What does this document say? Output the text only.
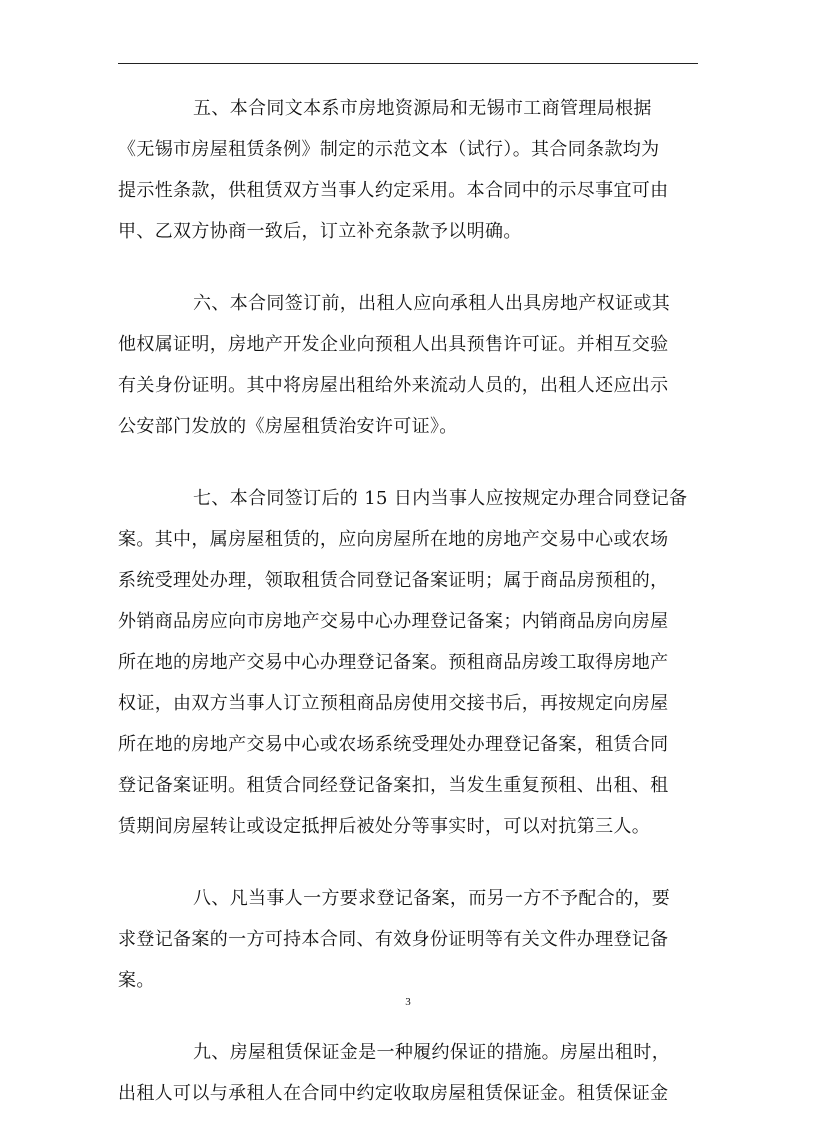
五、本合同文本系市房地资源局和无锡市工商管理局根据
《无锡市房屋租赁条例》制定的示范文本（试行）。其合同条款均为
提示性条款，供租赁双方当事人约定采用。本合同中的示尽事宜可由
甲、乙双方协商一致后，订立补充条款予以明确。

六、本合同签订前，出租人应向承租人出具房地产权证或其
他权属证明，房地产开发企业向预租人出具预售许可证。并相互交验
有关身份证明。其中将房屋出租给外来流动人员的，出租人还应出示
公安部门发放的《房屋租赁治安许可证》。

七、本合同签订后的 15 日内当事人应按规定办理合同登记备
案。其中，属房屋租赁的，应向房屋所在地的房地产交易中心或农场
系统受理处办理，领取租赁合同登记备案证明；属于商品房预租的，
外销商品房应向市房地产交易中心办理登记备案；内销商品房向房屋
所在地的房地产交易中心办理登记备案。预租商品房竣工取得房地产
权证，由双方当事人订立预租商品房使用交接书后，再按规定向房屋
所在地的房地产交易中心或农场系统受理处办理登记备案，租赁合同
登记备案证明。租赁合同经登记备案扣，当发生重复预租、出租、租
赁期间房屋转让或设定抵押后被处分等事实时，可以对抗第三人。

八、凡当事人一方要求登记备案，而另一方不予配合的，要
求登记备案的一方可持本合同、有效身份证明等有关文件办理登记备
案。

九、房屋租赁保证金是一种履约保证的措施。房屋出租时，
出租人可以与承租人在合同中约定收取房屋租赁保证金。租赁保证金

3
